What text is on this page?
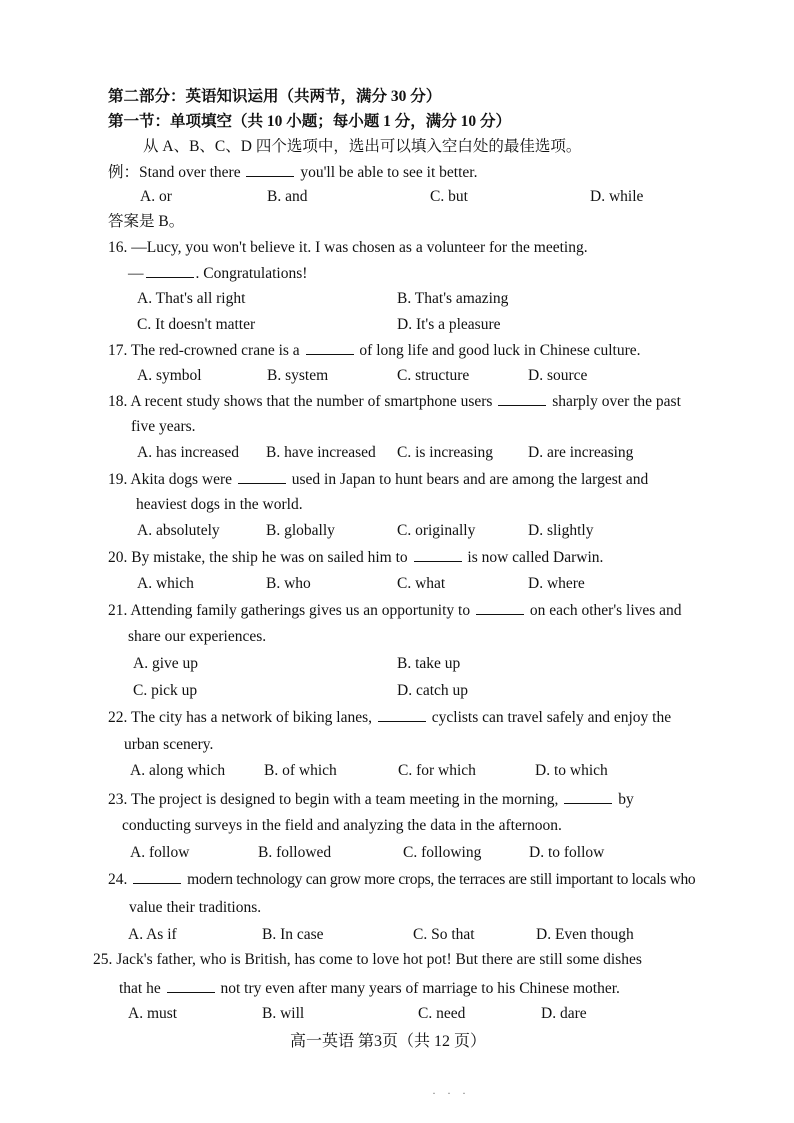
第二部分：英语知识运用（共两节，满分 30 分）
第一节：单项填空（共 10 小题；每小题 1 分，满分 10 分）
从 A、B、C、D 四个选项中，选出可以填入空白处的最佳选项。
例：Stand over there	you'll be able to see it better.
A. or	B. and	C. but	D. while
答案是 B。
16. —Lucy, you won't believe it. I was chosen as a volunteer for the meeting.
—	. Congratulations!
A. That's all right	B. That's amazing
C. It doesn't matter	D. It's a pleasure
17. The red-crowned crane is a	of long life and good luck in Chinese culture.
A. symbol	B. system	C. structure	D. source
18. A recent study shows that the number of smartphone users	sharply over the past
five years.
A. has increased B. have increased C. is increasing D. are increasing
19. Akita dogs were	used in Japan to hunt bears and are among the largest and
heaviest dogs in the world.
A. absolutely	B. globally	C. originally	D. slightly
20. By mistake, the ship he was on sailed him to	is now called Darwin.
A. which	B. who	C. what	D. where
21. Attending family gatherings gives us an opportunity to	on each other's lives and
share our experiences.
A. give up	B. take up
C. pick up	D. catch up
22. The city has a network of biking lanes,	cyclists can travel safely and enjoy the
urban scenery.
A. along which	B. of which	C. for which	D. to which
23. The project is designed to begin with a team meeting in the morning,	by
conducting surveys in the field and analyzing the data in the afternoon.
A. follow	B. followed	C. following	D. to follow
24.	modern technology can grow more crops, the terraces are still important to locals who
value their traditions.
A. As if	B. In case	C. So that	D. Even though
25. Jack's father, who is British, has come to love hot pot! But there are still some dishes
that he	not try even after many years of marriage to his Chinese mother.
A. must	B. will	C. need	D. dare
高一英语 第3页（共 12 页）
· · ·
